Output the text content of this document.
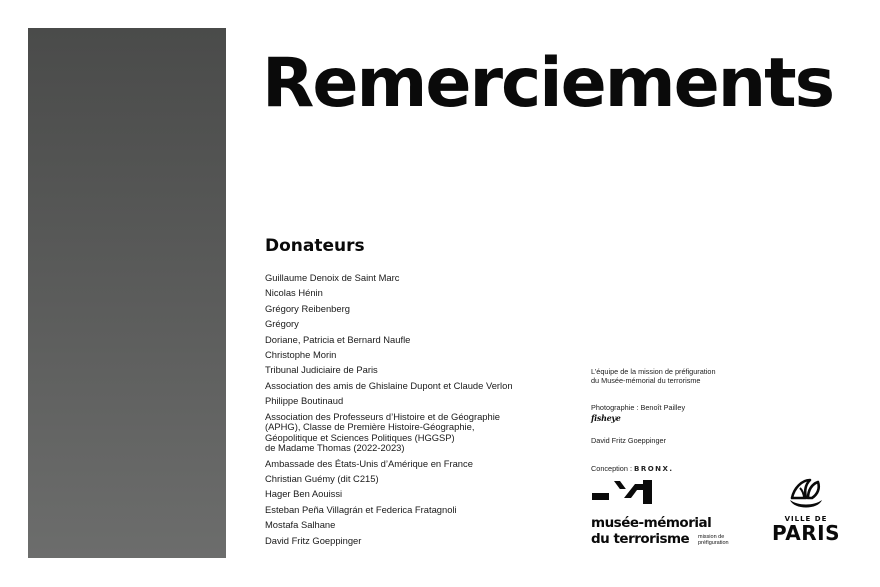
Remerciements
Donateurs
Guillaume Denoix de Saint Marc
Nicolas Hénin
Grégory Reibenberg
Grégory
Doriane, Patricia et Bernard Naufle
Christophe Morin
Tribunal Judiciaire de Paris
Association des amis de Ghislaine Dupont et Claude Verlon
Philippe Boutinaud
Association des Professeurs d’Histoire et de Géographie
(APHG), Classe de Première Histoire-Géographie,
Géopolitique et Sciences Politiques (HGGSP)
de Madame Thomas (2022-2023)
Ambassade des États-Unis d’Amérique en France
Christian Guémy (dit C215)
Hager Ben Aouissi
Esteban Peña Villagrán et Federica Fratagnoli
Mostafa Salhane
David Fritz Goeppinger
L’équipe de la mission de préfiguration
du Musée-mémorial du terrorisme

Photographie : Benoît Pailley

fisheye

David Fritz Goeppinger

Conception : BRONX.

musée-mémorial
du terrorisme	mission de
préfiguration
VILLE DE
PARIS
